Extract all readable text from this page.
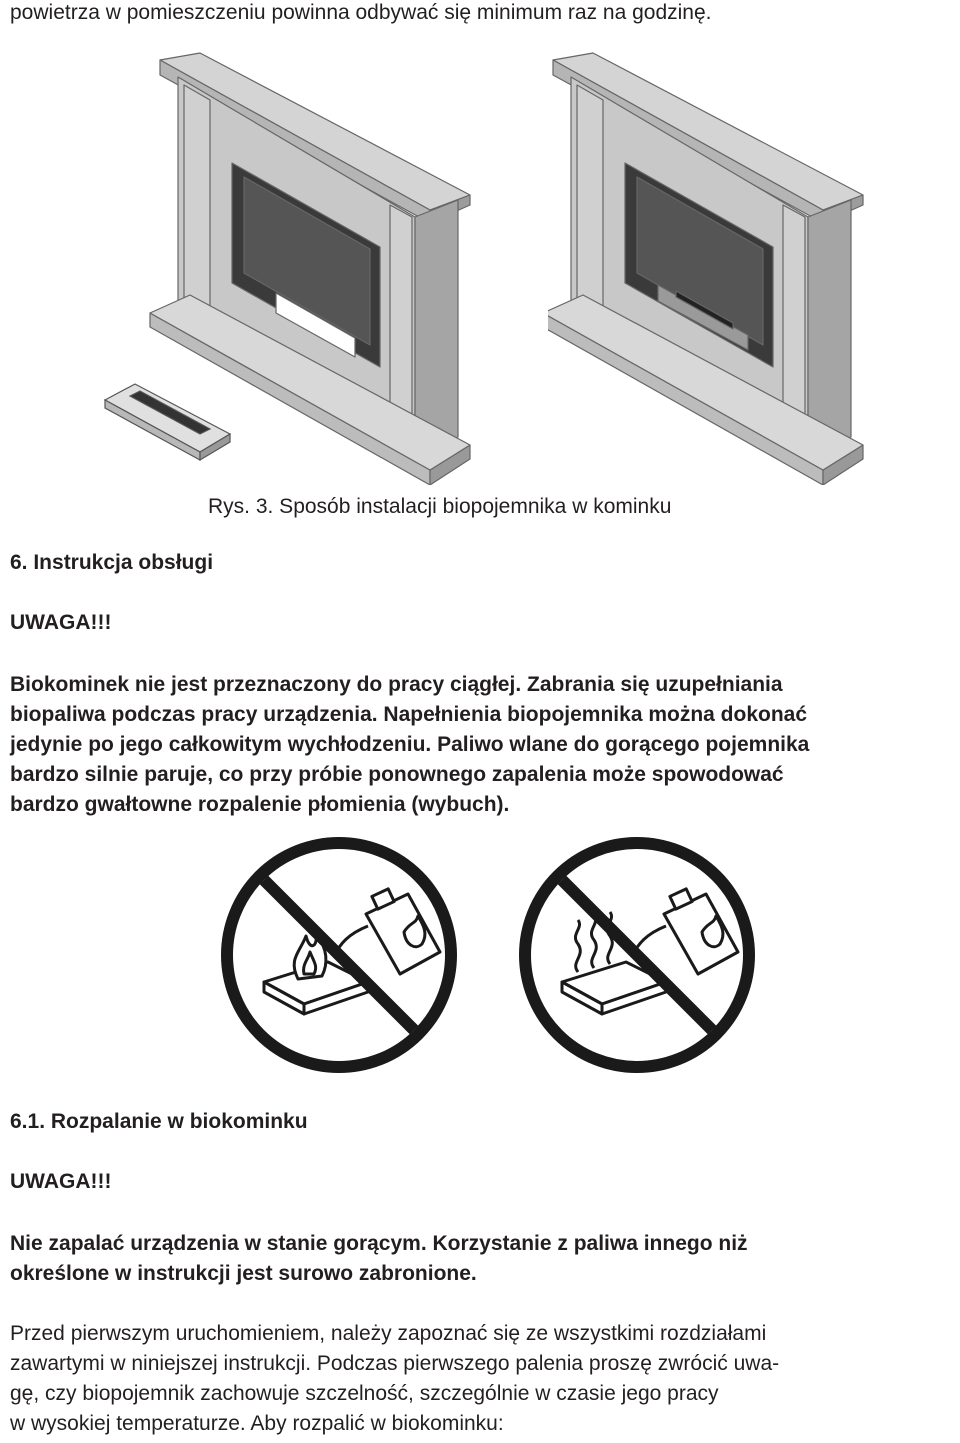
powietrza w pomieszczeniu powinna odbywać się minimum raz na godzinę.
Rys. 3. Sposób instalacji biopojemnika w kominku
6. Instrukcja obsługi
UWAGA!!!
Biokominek nie jest przeznaczony do pracy ciągłej. Zabrania się uzupełniania
biopaliwa podczas pracy urządzenia. Napełnienia biopojemnika można dokonać
jedynie po jego całkowitym wychłodzeniu. Paliwo wlane do gorącego pojemnika
bardzo silnie paruje, co przy próbie ponownego zapalenia może spowodować
bardzo gwałtowne rozpalenie płomienia (wybuch).
6.1. Rozpalanie w biokominku
UWAGA!!!
Nie zapalać urządzenia w stanie gorącym. Korzystanie z paliwa innego niż
określone w instrukcji jest surowo zabronione.
Przed pierwszym uruchomieniem, należy zapoznać się ze wszystkimi rozdziałami
zawartymi w niniejszej instrukcji. Podczas pierwszego palenia proszę zwrócić uwa-
gę, czy biopojemnik zachowuje szczelność, szczególnie w czasie jego pracy
w wysokiej temperaturze. Aby rozpalić w biokominku:
